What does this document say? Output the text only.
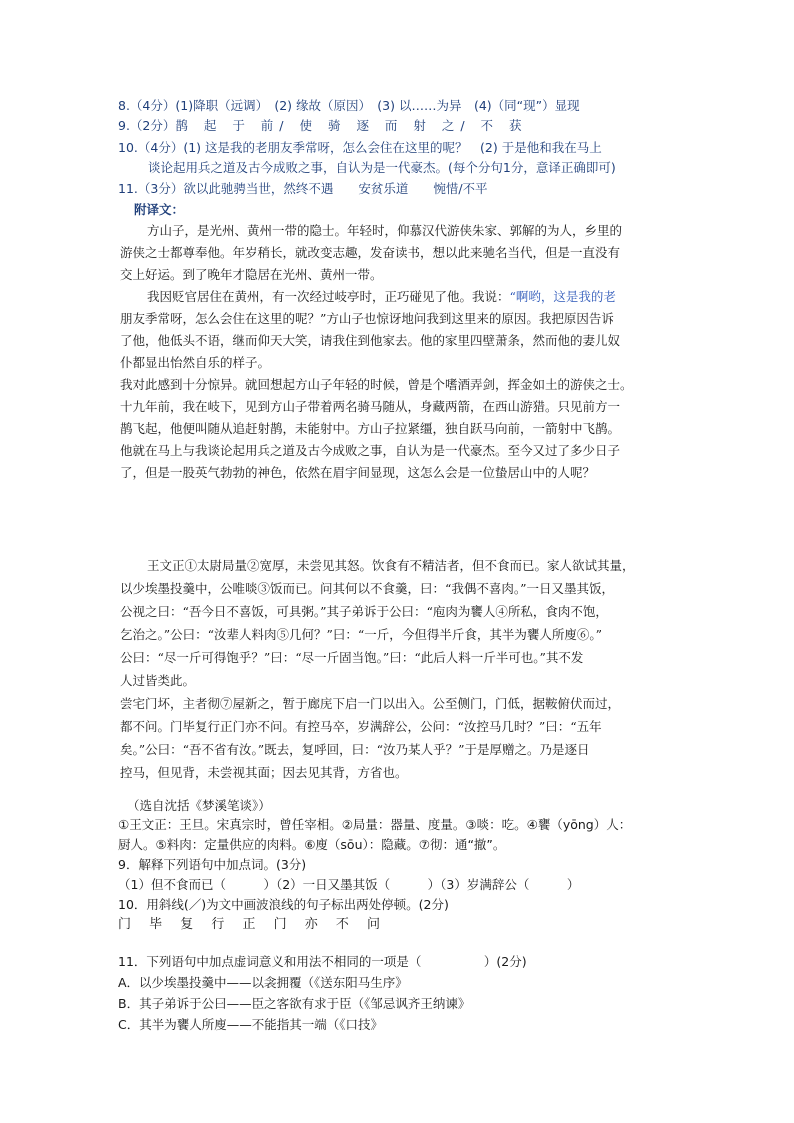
8.（4分）(1)降职（远调）　(2) 缘故（原因）　(3) 以……为异　(4)（同“现”）显现
9.（2分）鹊 起 于 前/ 使 骑 逐 而 射 之/ 不 获
10.（4分）(1) 这是我的老朋友季常呀，怎么会住在这里的呢？　(2) 于是他和我在马上
谈论起用兵之道及古今成败之事，自认为是一代豪杰。(每个分句1分，意译正确即可)
11.（3分）欲以此驰骋当世，然终不遇　　安贫乐道　　惋惜/不平
附译文：
方山子，是光州、黄州一带的隐士。年轻时，仰慕汉代游侠朱家、郭解的为人，乡里的
游侠之士都尊奉他。年岁稍长，就改变志趣，发奋读书，想以此来驰名当代，但是一直没有
交上好运。到了晚年才隐居在光州、黄州一带。
我因贬官居住在黄州，有一次经过岐亭时，正巧碰见了他。我说：“啊哟，这是我的老
朋友季常呀，怎么会住在这里的呢？”方山子也惊讶地问我到这里来的原因。我把原因告诉
了他，他低头不语，继而仰天大笑，请我住到他家去。他的家里四壁萧条，然而他的妻儿奴
仆都显出怡然自乐的样子。
我对此感到十分惊异。就回想起方山子年轻的时候，曾是个嗜酒弄剑，挥金如土的游侠之士。
十九年前，我在岐下，见到方山子带着两名骑马随从，身藏两箭，在西山游猎。只见前方一
鹊飞起，他便叫随从追赶射鹊，未能射中。方山子拉紧缰，独自跃马向前，一箭射中飞鹊。
他就在马上与我谈论起用兵之道及古今成败之事，自认为是一代豪杰。至今又过了多少日子
了，但是一股英气勃勃的神色，依然在眉宇间显现，这怎么会是一位蛰居山中的人呢？
王文正①太尉局量②宽厚，未尝见其怒。饮食有不精洁者，但不食而已。家人欲试其量，
以少埃墨投羹中，公唯啖③饭而已。问其何以不食羹，曰：“我偶不喜肉。”一日又墨其饭，
公视之曰：“吾今日不喜饭，可具粥。”其子弟诉于公曰：“庖肉为饔人④所私，食肉不饱，
乞治之。”公曰：“汝辈人料肉⑤几何？”曰：“一斤，今但得半斤食，其半为饔人所廋⑥。”
公曰：“尽一斤可得饱乎？”曰：“尽一斤固当饱。”曰：“此后人料一斤半可也。”其不发
人过皆类此。
尝宅门坏，主者彻⑦屋新之，暂于廊庑下启一门以出入。公至侧门，门低，据鞍俯伏而过，
都不问。门毕复行正门亦不问。有控马卒，岁满辞公，公问：“汝控马几时？”曰：“五年
矣。”公曰：“吾不省有汝。”既去，复呼回，曰：“汝乃某人乎？”于是厚赠之。乃是逐日
控马，但见背，未尝视其面；因去见其背，方省也。
（选自沈括《梦溪笔谈》）
①王文正：王旦。宋真宗时，曾任宰相。②局量：器量、度量。③啖：吃。④饔（yōng）人：
厨人。⑤料肉：定量供应的肉料。⑥廋（sōu）：隐藏。⑦彻：通“撤”。
9．解释下列语句中加点词。(3分)
（1）但不食而已（　　　）（2）一日又墨其饭（　　　）（3）岁满辞公（　　　）
10．用斜线(／)为文中画波浪线的句子标出两处停顿。(2分)
门 毕 复 行 正 门 亦 不 问
11．下列语句中加点虚词意义和用法不相同的一项是（　　　　　）(2分)
A．以少埃墨投羹中——以衾拥覆（《送东阳马生序》
B．其子弟诉于公曰——臣之客欲有求于臣（《邹忌讽齐王纳谏》
C．其半为饔人所廋——不能指其一端（《口技》
